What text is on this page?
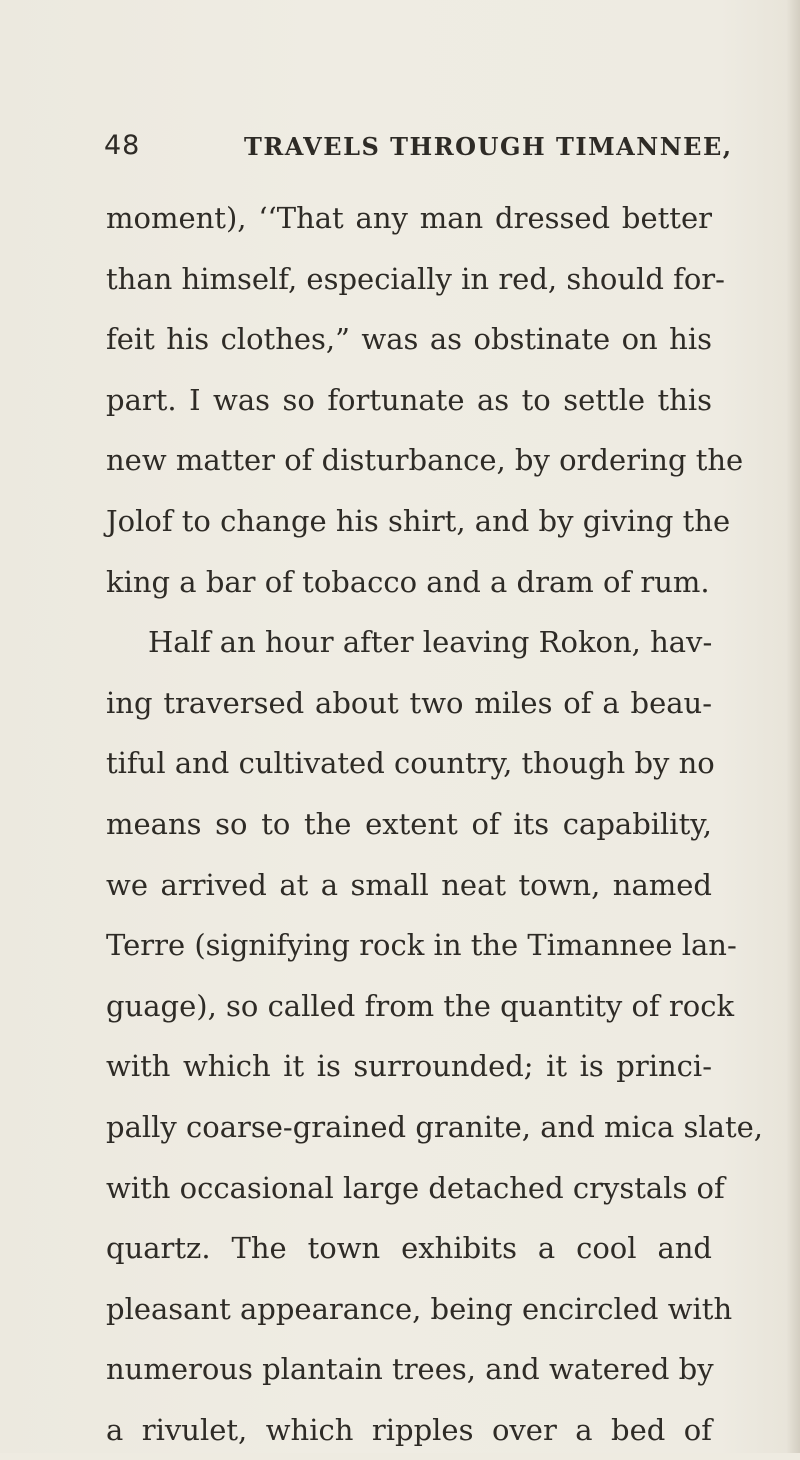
48	TRAVELS THROUGH TIMANNEE,
moment), ‘‘That any man dressed better
than himself, especially in red, should for-
feit his clothes,” was as obstinate on his
part. I was so fortunate as to settle this
new matter of disturbance, by ordering the
Jolof to change his shirt, and by giving the
king a bar of tobacco and a dram of rum.
Half an hour after leaving Rokon, hav-
ing traversed about two miles of a beau-
tiful and cultivated country, though by no
means so to the extent of its capability,
we arrived at a small neat town, named
Terre (signifying rock in the Timannee lan-
guage), so called from the quantity of rock
with which it is surrounded; it is princi-
pally coarse-grained granite, and mica slate,
with occasional large detached crystals of
quartz. The town exhibits a cool and
pleasant appearance, being encircled with
numerous plantain trees, and watered by
a rivulet, which ripples over a bed of
